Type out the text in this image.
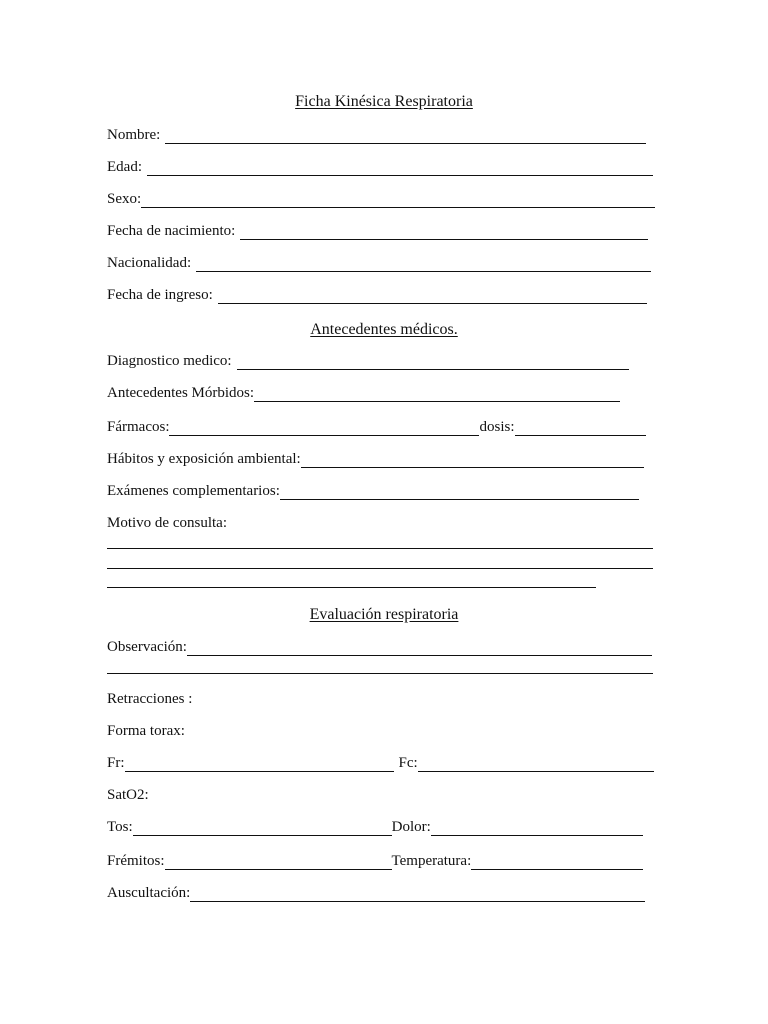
Ficha Kinésica Respiratoria
Nombre:
Edad:
Sexo:
Fecha de nacimiento:
Nacionalidad:
Fecha de ingreso:
Antecedentes médicos.
Diagnostico medico:
Antecedentes Mórbidos:
Fármacos:	dosis:
Hábitos y exposición ambiental:
Exámenes complementarios:
Motivo de consulta:
Evaluación respiratoria
Observación:
Retracciones :
Forma torax:
Fr:	Fc:
SatO2:
Tos:	Dolor:
Frémitos:	Temperatura:
Auscultación:
